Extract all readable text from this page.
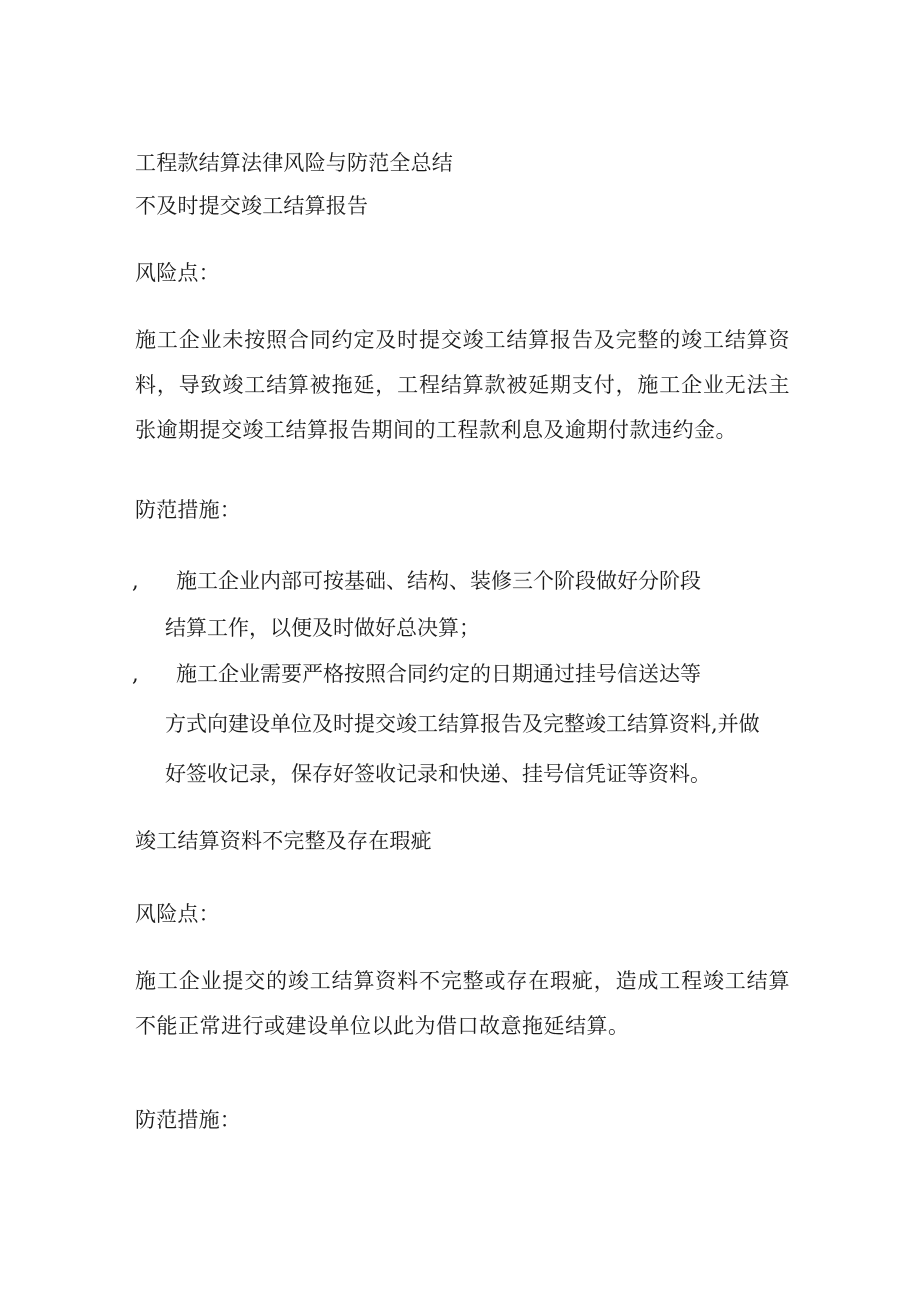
工程款结算法律风险与防范全总结
不及时提交竣工结算报告
风险点：
施工企业未按照合同约定及时提交竣工结算报告及完整的竣工结算资料，导致竣工结算被拖延，工程结算款被延期支付，施工企业无法主张逾期提交竣工结算报告期间的工程款利息及逾期付款违约金。
防范措施：
, 施工企业内部可按基础、结构、装修三个阶段做好分阶段
结算工作，以便及时做好总决算；
, 施工企业需要严格按照合同约定的日期通过挂号信送达等
方式向建设单位及时提交竣工结算报告及完整竣工结算资料,并做
好签收记录，保存好签收记录和快递、挂号信凭证等资料。
竣工结算资料不完整及存在瑕疵
风险点：
施工企业提交的竣工结算资料不完整或存在瑕疵，造成工程竣工结算不能正常进行或建设单位以此为借口故意拖延结算。
防范措施：
